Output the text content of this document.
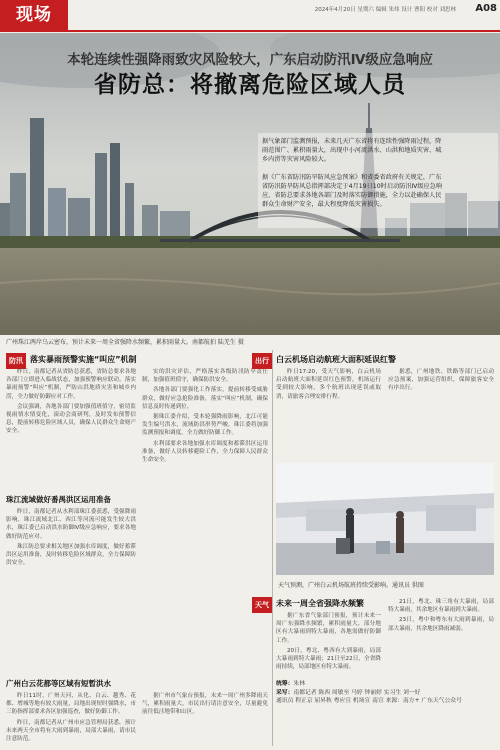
现场	2024年4月20日 星期六 编辑 朱炜 设计 曹阳 校对 刘思林 A08
本轮连续性强降雨致灾风险较大，广东启动防汛Ⅳ级应急响应
省防总：将撤离危险区域人员
据气象部门监测预报，未来几天广东省将有连续性强降雨过程，降雨范围广、累积雨量大，出现中小河流洪水、山洪和地质灾害、城乡内涝等灾害风险较大。
据《广东省防汛防旱防风应急预案》和省委省政府有关规定，广东省防汛防旱防风总指挥部决定于4月19日10时启动防汛Ⅳ级应急响应，省防总要求各地各部门及时落实防御措施，全力以赴确保人民群众生命财产安全，最大程度降低灾害损失。
广州珠江两岸乌云密布，预计未来一周全省强降水频繁，累积雨量大。南都航拍 陆羌生 摄
防汛 落实暴雨预警实施“叫应”机制

昨日，南都记者从省防总获悉，省防总要求各地各部门立即进入临战状态，加强预警响应联动，落实暴雨预警“叫应”机制，严防山洪地质灾害和城乡内涝，全力做好防御应对工作。

会议强调，各地各部门要加强值班值守，密切监视雨情水情变化，滚动会商研判，及时发布预警信息，提前转移危险区域人员，确保人民群众生命财产安全。

珠江流域做好番禺洪区运用准备

昨日，南都记者从水利部珠江委获悉，受强降雨影响，珠江流域北江、西江等河流可能发生较大洪水，珠江委已启动洪水防御Ⅳ级应急响应，要求各地做好防范应对。

珠江防总要求相关地区加强水库调度，做好蓄滞洪区运用准备，及时转移危险区域群众，全力保障防洪安全。

广州白云花都等区域有短暂洪水

昨日11时，广州天河、从化、白云、越秀、花都、增城等地有较大雨量，局地出现短时强降水，市三防指挥部要求各区加强巡查，做好防御工作。

昨日，南都记者从广州市应急管理局获悉，预计未来两天全市将有大雨到暴雨，局部大暴雨，请市民注意防范。

实的洪灾评估，严格落实各级防汛防旱责任制，加强值班值守，确保防洪安全。

各地各部门要强化工作落实，提前转移受威胁群众，做好应急抢险准备，落实“叫应”机制，确保信息及时传递到位。

据珠江委介绍，受本轮强降雨影响，北江可能发生编号洪水，流域防洪形势严峻，珠江委将加强监测预报和调度，全力做好防御工作。

水利部要求各地加强水库调度和蓄滞洪区运用准备，做好人员转移避险工作，全力保障人民群众生命安全。

据广州市气象台预报，未来一周广州多降雨天气，累积雨量大，市民出行请注意安全，尽量避免前往低洼地带和山区。

出行 白云机场启动航班大面积延误红警

昨日17:20，受天气影响，白云机场启动航班大面积延误红色预警，机场运行受到较大影响，多个航班出现延误或取消，请旅客合理安排行程。

据悉，广州地铁、铁路等部门已启动应急预案，加强运营组织，保障旅客安全有序出行。

天气预测，广州白云机场航班持续受影响。通讯员 供图
天气 未来一周全省强降水频繁

据广东省气象部门预报，预计未来一周广东强降水频繁，累积雨量大，部分地区有大暴雨到特大暴雨，各地需做好防御工作。

20日，粤北、粤西有大到暴雨，局部大暴雨到特大暴雨；21日至22日，全省降雨持续，局部地区有特大暴雨。

21日，粤北、珠三角有大暴雨，局部特大暴雨，其余地区有暴雨到大暴雨。

23日，粤中和粤东有大雨到暴雨，局部大暴雨，其余地区降雨减弱。

统筹：朱林
采写：南都记者 陈西 周敏至 马婷 钟丽婷 实习生 刘一好
通讯员 程正京 屈昇秋 粤应宣 机场宣 南宣 来源：南方+ 广东天气公众号
